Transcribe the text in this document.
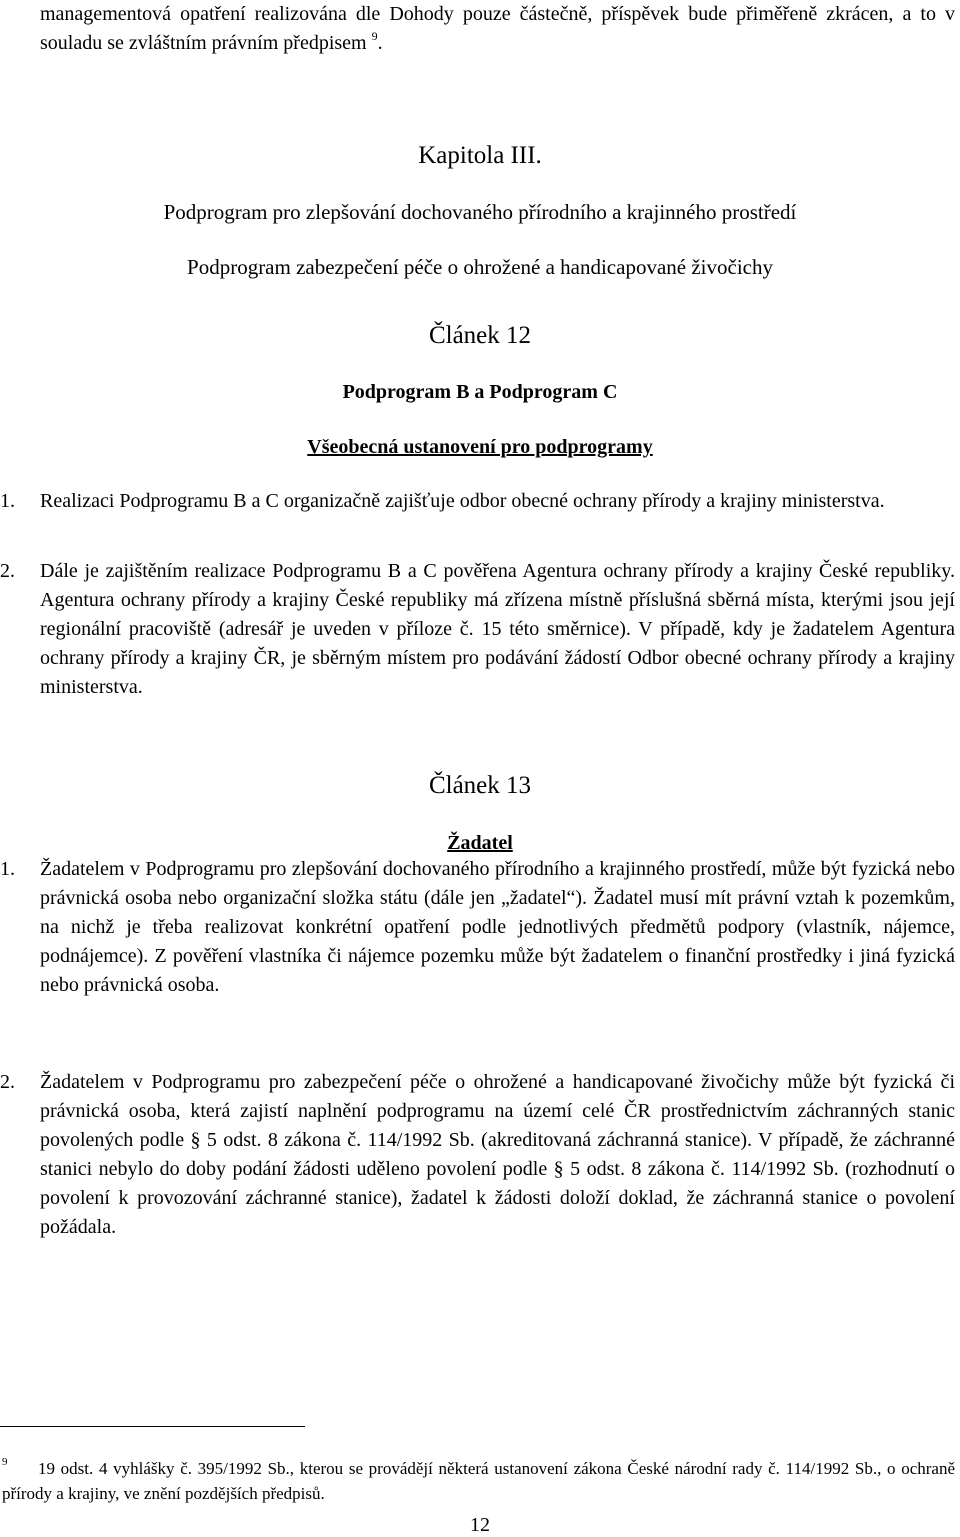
managementová opatření realizována dle Dohody pouze částečně, příspěvek bude přiměřeně zkrácen, a to v souladu se zvláštním právním předpisem $^9$.

Kapitola III.

Podprogram pro zlepšování dochovaného přírodního a krajinného prostředí

Podprogram zabezpečení péče o ohrožené a handicapované živočichy

Článek 12

Podprogram B a Podprogram C

Všeobecná ustanovení pro podprogramy

1. Realizaci Podprogramu B a C organizačně zajišťuje odbor obecné ochrany přírody a krajiny ministerstva.

2. Dále je zajištěním realizace Podprogramu B a C pověřena Agentura ochrany přírody a krajiny České republiky. Agentura ochrany přírody a krajiny České republiky má zřízena místně příslušná sběrná místa, kterými jsou její regionální pracoviště (adresář je uveden v příloze č. 15 této směrnice). V případě, kdy je žadatelem Agentura ochrany přírody a krajiny ČR, je sběrným místem pro podávání žádostí Odbor obecné ochrany přírody a krajiny ministerstva.

Článek 13

Žadatel

1. Žadatelem v Podprogramu pro zlepšování dochovaného přírodního a krajinného prostředí, může být fyzická nebo právnická osoba nebo organizační složka státu (dále jen „žadatel“). Žadatel musí mít právní vztah k pozemkům, na nichž je třeba realizovat konkrétní opatření podle jednotlivých předmětů podpory (vlastník, nájemce, podnájemce). Z pověření vlastníka či nájemce pozemku může být žadatelem o finanční prostředky i jiná fyzická nebo právnická osoba.

2. Žadatelem v Podprogramu pro zabezpečení péče o ohrožené a handicapované živočichy může být fyzická či právnická osoba, která zajistí naplnění podprogramu na území celé ČR prostřednictvím záchranných stanic povolených podle § 5 odst. 8 zákona č. 114/1992 Sb. (akreditovaná záchranná stanice). V případě, že záchranné stanici nebylo do doby podání žádosti uděleno povolení podle § 5 odst. 8 zákona č. 114/1992 Sb. (rozhodnutí o povolení k provozování záchranné stanice), žadatel k žádosti doloží doklad, že záchranná stanice o povolení požádala.

9 19 odst. 4 vyhlášky č. 395/1992 Sb., kterou se provádějí některá ustanovení zákona České národní rady č. 114/1992 Sb., o ochraně přírody a krajiny, ve znění pozdějších předpisů.

12
